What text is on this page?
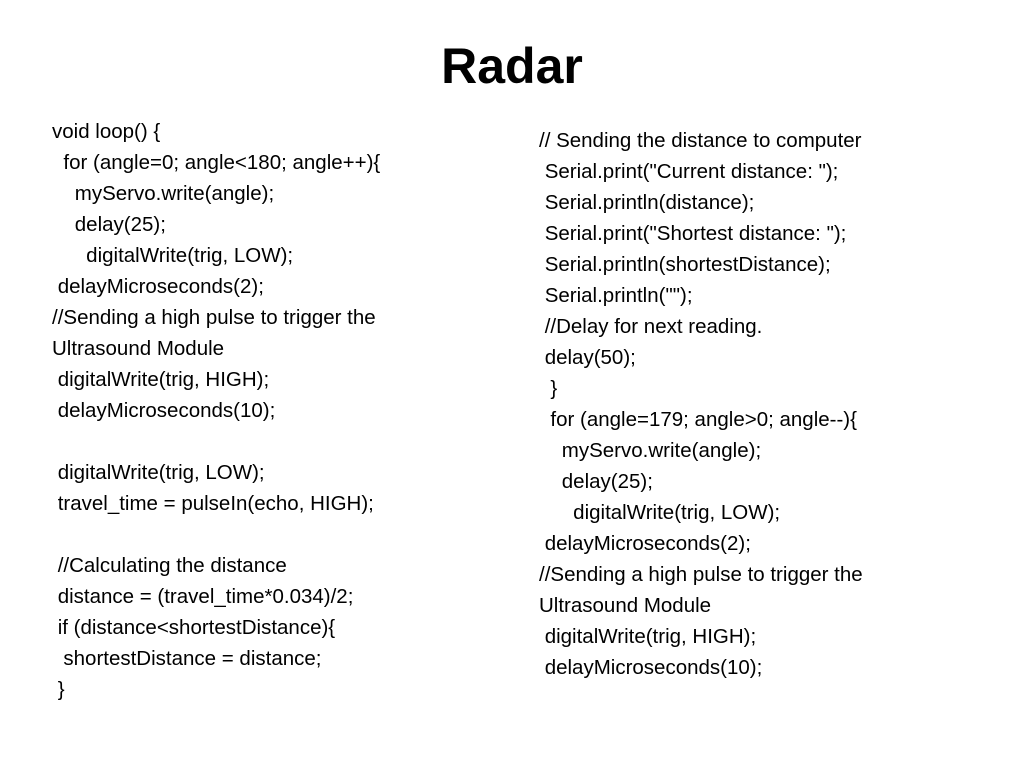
Radar
void loop() {
for (angle=0; angle<180; angle++){
myServo.write(angle);
delay(25);
digitalWrite(trig, LOW);
delayMicroseconds(2);
//Sending a high pulse to trigger the
Ultrasound Module
digitalWrite(trig, HIGH);
delayMicroseconds(10);
digitalWrite(trig, LOW);
travel_time = pulseIn(echo, HIGH);
//Calculating the distance
distance = (travel_time*0.034)/2;
if (distance<shortestDistance){
shortestDistance = distance;
}
// Sending the distance to computer
Serial.print("Current distance: ");
Serial.println(distance);
Serial.print("Shortest distance: ");
Serial.println(shortestDistance);
Serial.println("");
//Delay for next reading.
delay(50);
}
for (angle=179; angle>0; angle--){
myServo.write(angle);
delay(25);
digitalWrite(trig, LOW);
delayMicroseconds(2);
//Sending a high pulse to trigger the
Ultrasound Module
digitalWrite(trig, HIGH);
delayMicroseconds(10);
